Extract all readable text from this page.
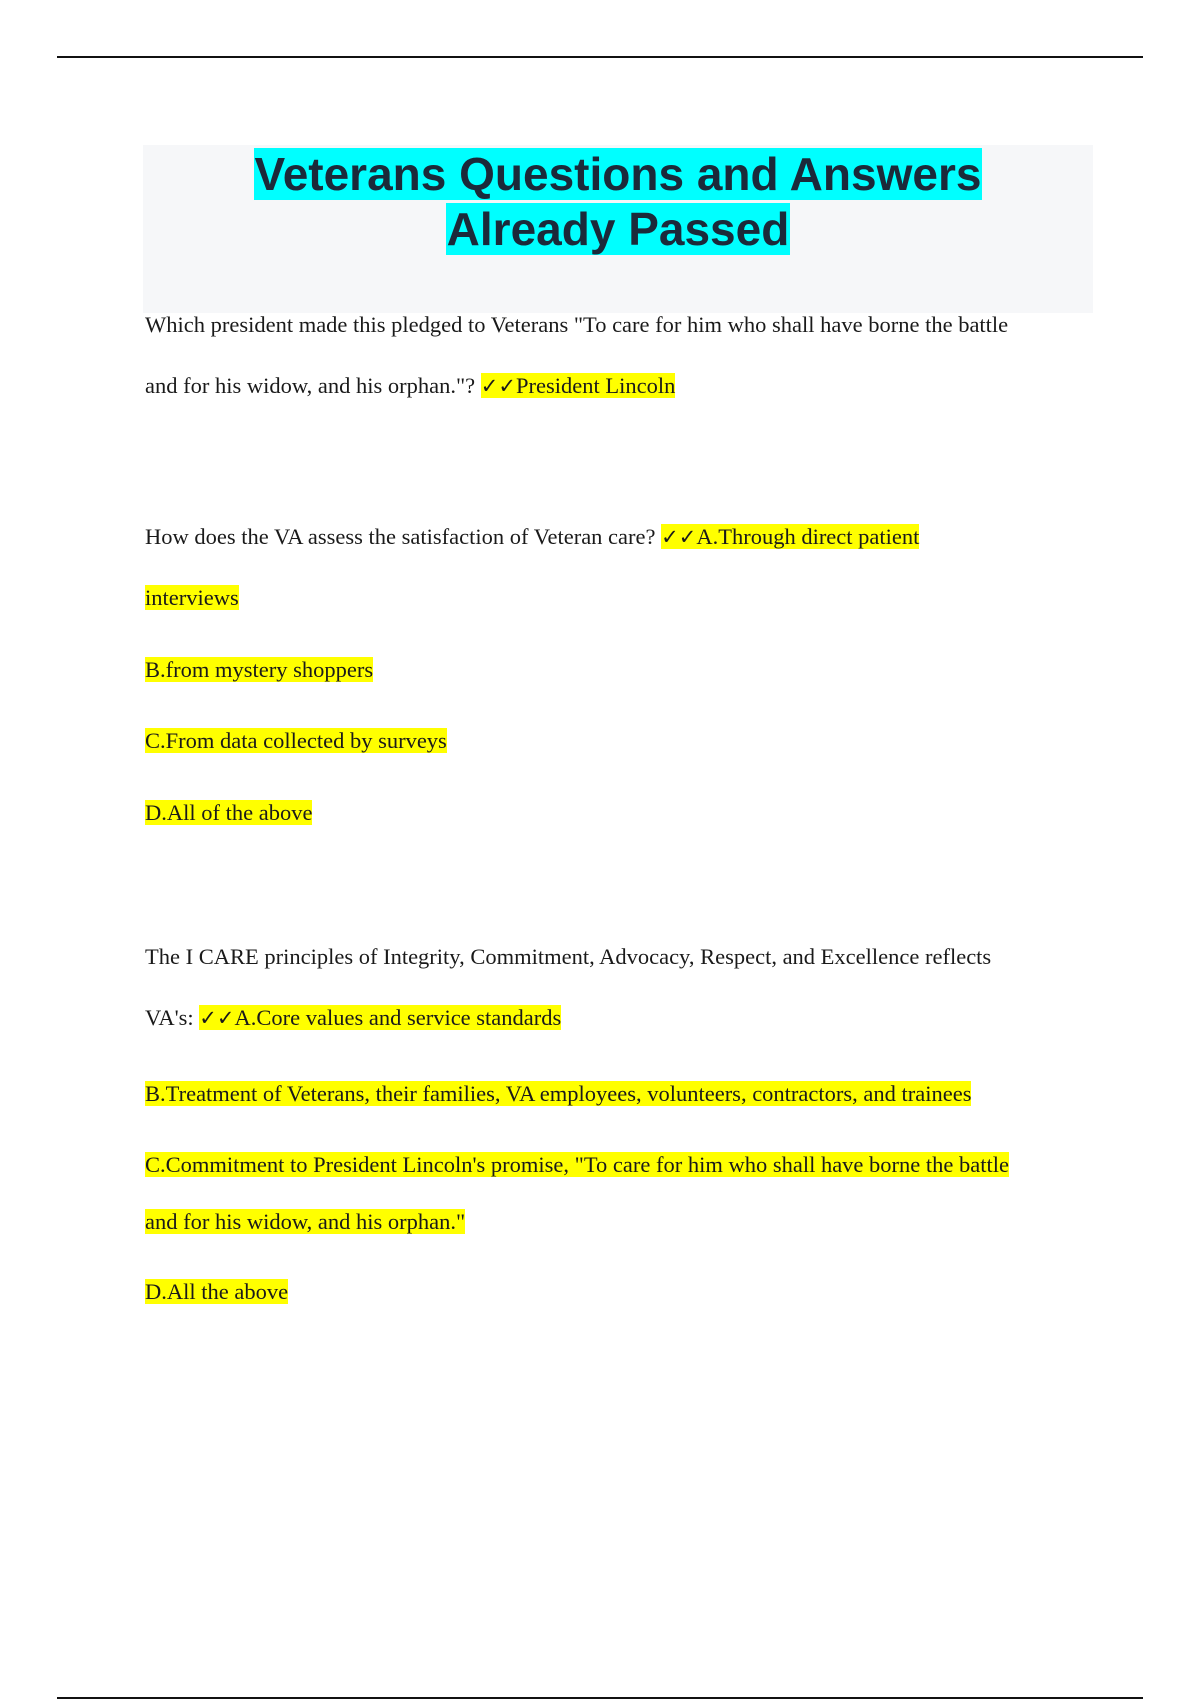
Veterans Questions and Answers
Already Passed

Which president made this pledged to Veterans "To care for him who shall have borne the battle
and for his widow, and his orphan."? ✓✓President Lincoln
How does the VA assess the satisfaction of Veteran care? ✓✓A.Through direct patient
interviews
B.from mystery shoppers
C.From data collected by surveys
D.All of the above
The I CARE principles of Integrity, Commitment, Advocacy, Respect, and Excellence reflects
VA's: ✓✓A.Core values and service standards
B.Treatment of Veterans, their families, VA employees, volunteers, contractors, and trainees
C.Commitment to President Lincoln's promise, "To care for him who shall have borne the battle
and for his widow, and his orphan."
D.All the above
